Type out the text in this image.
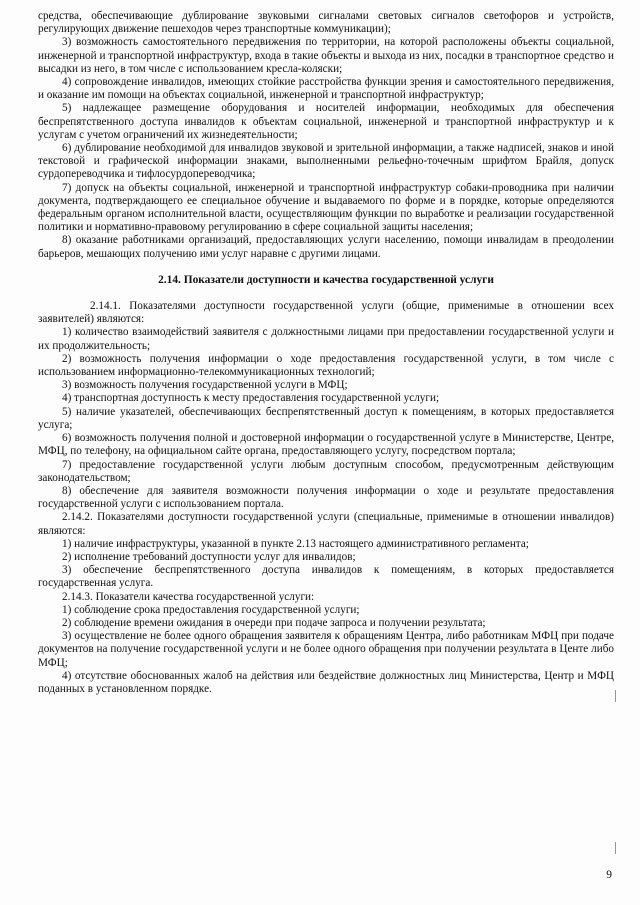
средства, обеспечивающие дублирование звуковыми сигналами световых сигналов светофоров и устройств, регулирующих движение пешеходов через транспортные коммуникации);

3) возможность самостоятельного передвижения по территории, на которой расположены объекты социальной, инженерной и транспортной инфраструктур, входа в такие объекты и выхода из них, посадки в транспортное средство и высадки из него, в том числе с использованием кресла-коляски;

4) сопровождение инвалидов, имеющих стойкие расстройства функции зрения и самостоятельного передвижения, и оказание им помощи на объектах социальной, инженерной и транспортной инфраструктур;

5) надлежащее размещение оборудования и носителей информации, необходимых для обеспечения беспрепятственного доступа инвалидов к объектам социальной, инженерной и транспортной инфраструктур и к услугам с учетом ограничений их жизнедеятельности;

6) дублирование необходимой для инвалидов звуковой и зрительной информации, а также надписей, знаков и иной текстовой и графической информации знаками, выполненными рельефно-точечным шрифтом Брайля, допуск сурдопереводчика и тифлосурдопереводчика;

7) допуск на объекты социальной, инженерной и транспортной инфраструктур собаки-проводника при наличии документа, подтверждающего ее специальное обучение и выдаваемого по форме и в порядке, которые определяются федеральным органом исполнительной власти, осуществляющим функции по выработке и реализации государственной политики и нормативно-правовому регулированию в сфере социальной защиты населения;

8) оказание работниками организаций, предоставляющих услуги населению, помощи инвалидам в преодолении барьеров, мешающих получению ими услуг наравне с другими лицами.

2.14. Показатели доступности и качества государственной услуги

2.14.1. Показателями доступности государственной услуги (общие, применимые в отношении всех заявителей) являются:

1) количество взаимодействий заявителя с должностными лицами при предоставлении государственной услуги и их продолжительность;

2) возможность получения информации о ходе предоставления государственной услуги, в том числе с использованием информационно-телекоммуникационных технологий;

3) возможность получения государственной услуги в МФЦ;

4) транспортная доступность к месту предоставления государственной услуги;

5) наличие указателей, обеспечивающих беспрепятственный доступ к помещениям, в которых предоставляется услуга;

6) возможность получения полной и достоверной информации о государственной услуге в Министерстве, Центре, МФЦ, по телефону, на официальном сайте органа, предоставляющего услугу, посредством портала;

7) предоставление государственной услуги любым доступным способом, предусмотренным действующим законодательством;

8) обеспечение для заявителя возможности получения информации о ходе и результате предоставления государственной услуги с использованием портала.

2.14.2. Показателями доступности государственной услуги (специальные, применимые в отношении инвалидов) являются:

1) наличие инфраструктуры, указанной в пункте 2.13 настоящего административного регламента;

2) исполнение требований доступности услуг для инвалидов;

3) обеспечение беспрепятственного доступа инвалидов к помещениям, в которых предоставляется государственная услуга.

2.14.3. Показатели качества государственной услуги:

1) соблюдение срока предоставления государственной услуги;

2) соблюдение времени ожидания в очереди при подаче запроса и получении результата;

3) осуществление не более одного обращения заявителя к обращениям Центра, либо работникам МФЦ при подаче документов на получение государственной услуги и не более одного обращения при получении результата в Центе либо МФЦ;

4) отсутствие обоснованных жалоб на действия или бездействие должностных лиц Министерства, Центр и МФЦ поданных в установленном порядке.

9
